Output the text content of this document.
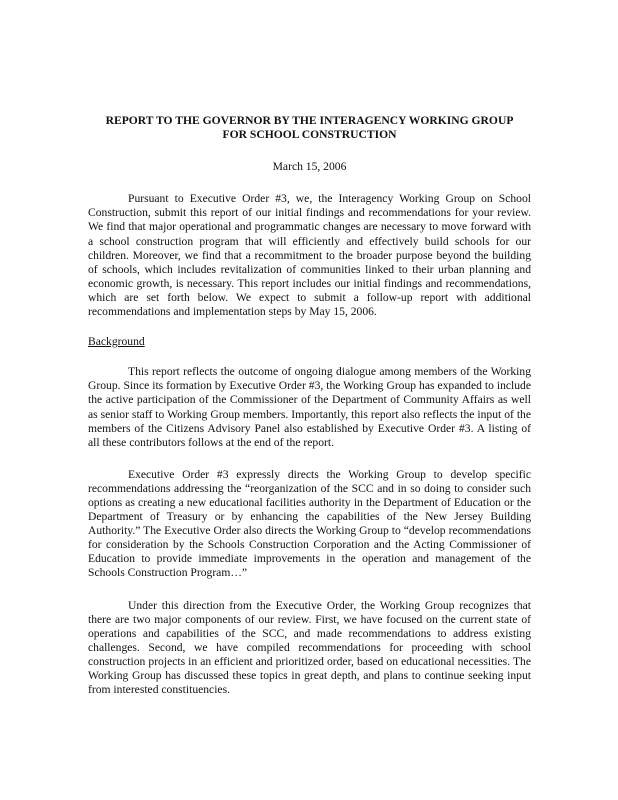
REPORT TO THE GOVERNOR BY THE INTERAGENCY WORKING GROUP
FOR SCHOOL CONSTRUCTION
March 15, 2006

Pursuant to Executive Order #3, we, the Interagency Working Group on School Construction, submit this report of our initial findings and recommendations for your review. We find that major operational and programmatic changes are necessary to move forward with a school construction program that will efficiently and effectively build schools for our children. Moreover, we find that a recommitment to the broader purpose beyond the building of schools, which includes revitalization of communities linked to their urban planning and economic growth, is necessary. This report includes our initial findings and recommendations, which are set forth below. We expect to submit a follow-up report with additional recommendations and implementation steps by May 15, 2006.

Background

This report reflects the outcome of ongoing dialogue among members of the Working Group. Since its formation by Executive Order #3, the Working Group has expanded to include the active participation of the Commissioner of the Department of Community Affairs as well as senior staff to Working Group members. Importantly, this report also reflects the input of the members of the Citizens Advisory Panel also established by Executive Order #3. A listing of all these contributors follows at the end of the report.

Executive Order #3 expressly directs the Working Group to develop specific recommendations addressing the “reorganization of the SCC and in so doing to consider such options as creating a new educational facilities authority in the Department of Education or the Department of Treasury or by enhancing the capabilities of the New Jersey Building Authority.” The Executive Order also directs the Working Group to “develop recommendations for consideration by the Schools Construction Corporation and the Acting Commissioner of Education to provide immediate improvements in the operation and management of the Schools Construction Program…”

Under this direction from the Executive Order, the Working Group recognizes that there are two major components of our review. First, we have focused on the current state of operations and capabilities of the SCC, and made recommendations to address existing challenges. Second, we have compiled recommendations for proceeding with school construction projects in an efficient and prioritized order, based on educational necessities. The Working Group has discussed these topics in great depth, and plans to continue seeking input from interested constituencies.
